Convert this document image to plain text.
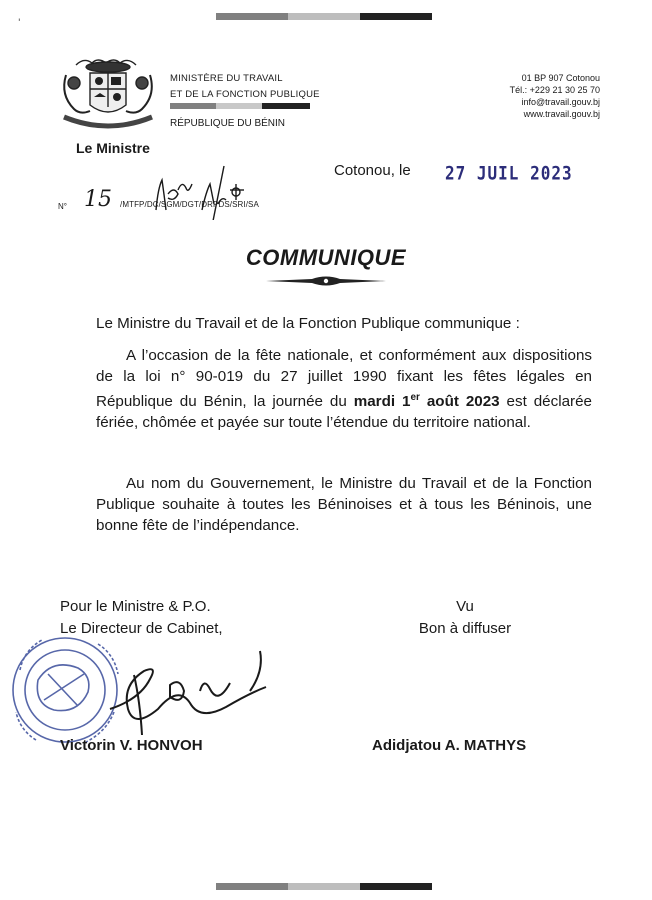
'
MINISTÈRE DU TRAVAIL
ET DE LA FONCTION PUBLIQUE
RÉPUBLIQUE DU BÉNIN
01 BP 907 Cotonou
Tél.: +229 21 30 25 70
info@travail.gouv.bj
www.travail.gouv.bj
Le Ministre
Cotonou, le 27 JUIL 2023
N° 15 /MTFP/DC/SGM/DGT/DRPDS/SRI/SA
COMMUNIQUE
Le Ministre du Travail et de la Fonction Publique communique :
A l’occasion de la fête nationale, et conformément aux dispositions de la loi n° 90-019 du 27 juillet 1990 fixant les fêtes légales en République du Bénin, la journée du mardi 1er août 2023 est déclarée fériée, chômée et payée sur toute l’étendue du territoire national.
Au nom du Gouvernement, le Ministre du Travail et de la Fonction Publique souhaite à toutes les Béninoises et à tous les Béninois, une bonne fête de l’indépendance.
Pour le Ministre & P.O.
Le Directeur de Cabinet,
Vu
Bon à diffuser
Victorin V. HONVOH	Adidjatou A. MATHYS
